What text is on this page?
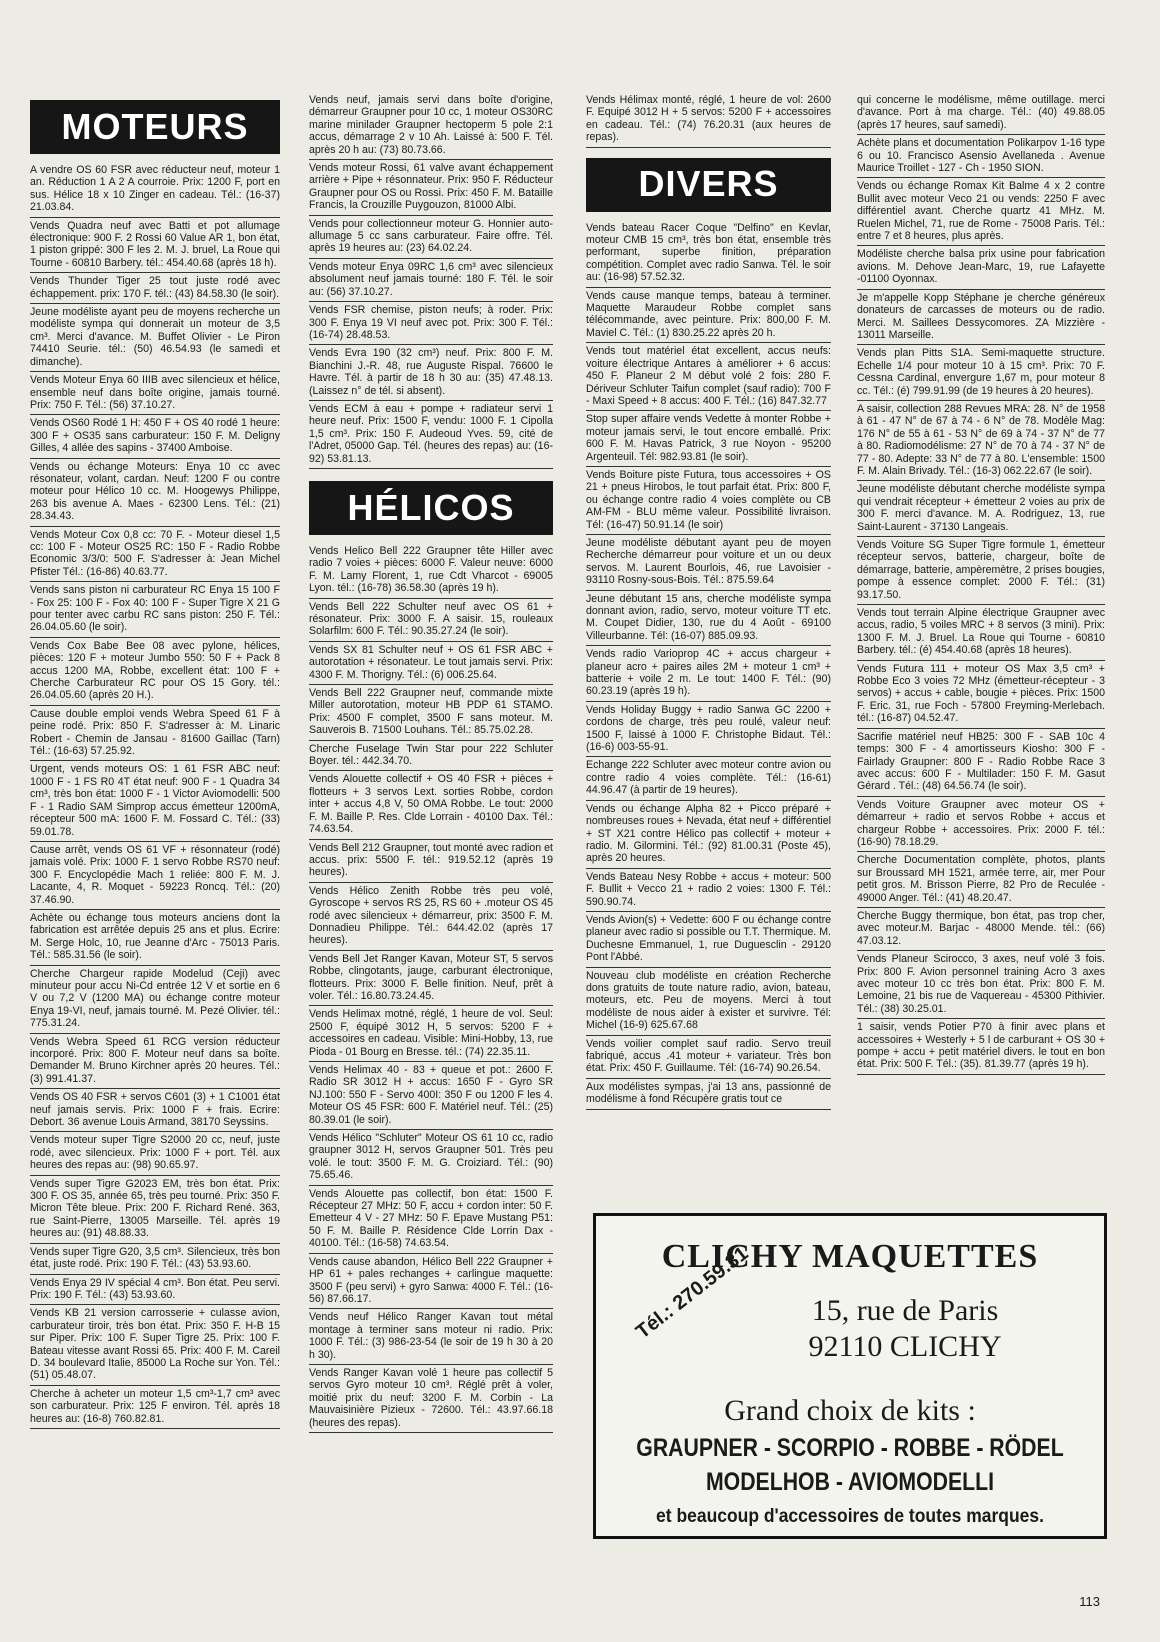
MOTEURS
A vendre OS 60 FSR avec réducteur neuf, moteur 1 an. Réduction 1 A 2 A courroie. Prix: 1200 F, port en sus. Hélice 18 x 10 Zinger en cadeau. Tél.: (16-37) 21.03.84.
Vends Quadra neuf avec Batti et pot allumage électronique: 900 F. 2 Rossi 60 Value AR 1, bon état, 1 piston grippé: 300 F les 2. M. J. bruel, La Roue qui Tourne - 60810 Barbery. tél.: 454.40.68 (après 18 h).
Vends Thunder Tiger 25 tout juste rodé avec échappement. prix: 170 F. tél.: (43) 84.58.30 (le soir).
Jeune modéliste ayant peu de moyens recherche un modéliste sympa qui donnerait un moteur de 3,5 cm³. Merci d'avance. M. Buffet Olivier - Le Piron 74410 Seurie. tél.: (50) 46.54.93 (le samedi et dimanche).
Vends Moteur Enya 60 IIIB avec silencieux et hélice, ensemble neuf dans boîte origine, jamais tourné. Prix: 750 F. Tél.: (56) 37.10.27.
Vends OS60 Rodé 1 H: 450 F + OS 40 rodé 1 heure: 300 F + OS35 sans carburateur: 150 F. M. Deligny Gilles, 4 allée des sapins - 37400 Amboise.
Vends ou échange Moteurs: Enya 10 cc avec résonateur, volant, cardan. Neuf: 1200 F ou contre moteur pour Hélico 10 cc. M. Hoogewys Philippe, 263 bis avenue A. Maes - 62300 Lens. Tél.: (21) 28.34.43.
Vends Moteur Cox 0,8 cc: 70 F. - Moteur diesel 1,5 cc: 100 F - Moteur OS25 RC: 150 F - Radio Robbe Economic 3/3/0: 500 F. S'adresser à: Jean Michel Pfister Tél.: (16-86) 40.63.77.
Vends sans piston ni carburateur RC Enya 15 100 F - Fox 25: 100 F - Fox 40: 100 F - Super Tigre X 21 G pour tenter avec carbu RC sans piston: 250 F. Tél.: 26.04.05.60 (le soir).
Vends Cox Babe Bee 08 avec pylone, hélices, pièces: 120 F + moteur Jumbo 550: 50 F + Pack 8 accus 1200 MA, Robbe, excellent état: 100 F + Cherche Carburateur RC pour OS 15 Gory. tél.: 26.04.05.60 (après 20 H.).
Cause double emploi vends Webra Speed 61 F à peine rodé. Prix: 850 F. S'adresser à: M. Linaric Robert - Chemin de Jansau - 81600 Gaillac (Tarn) Tél.: (16-63) 57.25.92.
Urgent, vends moteurs OS: 1 61 FSR ABC neuf: 1000 F - 1 FS R0 4T état neuf: 900 F - 1 Quadra 34 cm³, très bon état: 1000 F - 1 Victor Aviomodelli: 500 F - 1 Radio SAM Simprop accus émetteur 1200mA, récepteur 500 mA: 1600 F. M. Fossard C. Tél.: (33) 59.01.78.
Cause arrêt, vends OS 61 VF + résonnateur (rodé) jamais volé. Prix: 1000 F. 1 servo Robbe RS70 neuf: 300 F. Encyclopédie Mach 1 reliée: 800 F. M. J. Lacante, 4, R. Moquet - 59223 Roncq. Tél.: (20) 37.46.90.
Achète ou échange tous moteurs anciens dont la fabrication est arrêtée depuis 25 ans et plus. Ecrire: M. Serge Holc, 10, rue Jeanne d'Arc - 75013 Paris. Tél.: 585.31.56 (le soir).
Cherche Chargeur rapide Modelud (Ceji) avec minuteur pour accu Ni-Cd entrée 12 V et sortie en 6 V ou 7,2 V (1200 MA) ou échange contre moteur Enya 19-VI, neuf, jamais tourné. M. Pezé Olivier. tél.: 775.31.24.
Vends Webra Speed 61 RCG version réducteur incorporé. Prix: 800 F. Moteur neuf dans sa boîte. Demander M. Bruno Kirchner après 20 heures. Tél.: (3) 991.41.37.
Vends OS 40 FSR + servos C601 (3) + 1 C1001 état neuf jamais servis. Prix: 1000 F + frais. Ecrire: Debort. 36 avenue Louis Armand, 38170 Seyssins.
Vends moteur super Tigre S2000 20 cc, neuf, juste rodé, avec silencieux. Prix: 1000 F + port. Tél. aux heures des repas au: (98) 90.65.97.
Vends super Tigre G2023 EM, très bon état. Prix: 300 F. OS 35, année 65, très peu tourné. Prix: 350 F. Micron Tête bleue. Prix: 200 F. Richard René. 363, rue Saint-Pierre, 13005 Marseille. Tél. après 19 heures au: (91) 48.88.33.
Vends super Tigre G20, 3,5 cm³. Silencieux, très bon état, juste rodé. Prix: 190 F. Tél.: (43) 53.93.60.
Vends Enya 29 IV spécial 4 cm³. Bon état. Peu servi. Prix: 190 F. Tél.: (43) 53.93.60.
Vends KB 21 version carrosserie + culasse avion, carburateur tiroir, très bon état. Prix: 350 F. H-B 15 sur Piper. Prix: 100 F. Super Tigre 25. Prix: 100 F. Bateau vitesse avant Rossi 65. Prix: 400 F. M. Careil D. 34 boulevard Italie, 85000 La Roche sur Yon. Tél.: (51) 05.48.07.
Cherche à acheter un moteur 1,5 cm³-1,7 cm³ avec son carburateur. Prix: 125 F environ. Tél. après 18 heures au: (16-8) 760.82.81.
Vends neuf, jamais servi dans boîte d'origine, démarreur Graupner pour 10 cc, 1 moteur OS30RC marine minilader Graupner hectoperm 5 pole 2:1 accus, démarrage 2 v 10 Ah. Laissé à: 500 F. Tél. après 20 h au: (73) 80.73.66.
Vends moteur Rossi, 61 valve avant échappement arrière + Pipe + résonnateur. Prix: 950 F. Réducteur Graupner pour OS ou Rossi. Prix: 450 F. M. Bataille Francis, la Crouzille Puygouzon, 81000 Albi.
Vends pour collectionneur moteur G. Honnier auto-allumage 5 cc sans carburateur. Faire offre. Tél. après 19 heures au: (23) 64.02.24.
Vends moteur Enya 09RC 1,6 cm³ avec silencieux absolument neuf jamais tourné: 180 F. Tél. le soir au: (56) 37.10.27.
Vends FSR chemise, piston neufs; à roder. Prix: 300 F. Enya 19 VI neuf avec pot. Prix: 300 F. Tél.: (16-74) 28.48.53.
Vends Evra 190 (32 cm³) neuf. Prix: 800 F. M. Bianchini J.-R. 48, rue Auguste Rispal. 76600 le Havre. Tél. à partir de 18 h 30 au: (35) 47.48.13. (Laissez n° de tél. si absent).
Vends ECM à eau + pompe + radiateur servi 1 heure neuf. Prix: 1500 F, vendu: 1000 F. 1 Cipolla 1,5 cm³. Prix: 150 F. Audeoud Yves. 59, cité de l'Adret, 05000 Gap. Tél. (heures des repas) au: (16-92) 53.81.13.
HÉLICOS
Vends Helico Bell 222 Graupner tête Hiller avec radio 7 voies + pièces: 6000 F. Valeur neuve: 6000 F. M. Lamy Florent, 1, rue Cdt Vharcot - 69005 Lyon. tél.: (16-78) 36.58.30 (après 19 h).
Vends Bell 222 Schulter neuf avec OS 61 + résonateur. Prix: 3000 F. A saisir. 15, rouleaux Solarfilm: 600 F. Tél.: 90.35.27.24 (le soir).
Vends SX 81 Schulter neuf + OS 61 FSR ABC + autorotation + résonateur. Le tout jamais servi. Prix: 4300 F. M. Thorigny. Tél.: (6) 006.25.64.
Vends Bell 222 Graupner neuf, commande mixte Miller autorotation, moteur HB PDP 61 STAMO. Prix: 4500 F complet, 3500 F sans moteur. M. Sauverois B. 71500 Louhans. Tél.: 85.75.02.28.
Cherche Fuselage Twin Star pour 222 Schluter Boyer. tél.: 442.34.70.
Vends Alouette collectif + OS 40 FSR + pièces + flotteurs + 3 servos Lext. sorties Robbe, cordon inter + accus 4,8 V, 50 OMA Robbe. Le tout: 2000 F. M. Baille P. Res. Clde Lorrain - 40100 Dax. Tél.: 74.63.54.
Vends Bell 212 Graupner, tout monté avec radion et accus. prix: 5500 F. tél.: 919.52.12 (après 19 heures).
Vends Hélico Zenith Robbe très peu volé, Gyroscope + servos RS 25, RS 60 + .moteur OS 45 rodé avec silencieux + démarreur, prix: 3500 F. M. Donnadieu Philippe. Tél.: 644.42.02 (après 17 heures).
Vends Bell Jet Ranger Kavan, Moteur ST, 5 servos Robbe, clingotants, jauge, carburant électronique, flotteurs. Prix: 3000 F. Belle finition. Neuf, prêt à voler. Tél.: 16.80.73.24.45.
Vends Helimax motné, réglé, 1 heure de vol. Seul: 2500 F, équipé 3012 H, 5 servos: 5200 F + accessoires en cadeau. Visible: Mini-Hobby, 13, rue Pioda - 01 Bourg en Bresse. tél.: (74) 22.35.11.
Vends Helimax 40 - 83 + queue et pot.: 2600 F. Radio SR 3012 H + accus: 1650 F - Gyro SR NJ.100: 550 F - Servo 400I: 350 F ou 1200 F les 4. Moteur OS 45 FSR: 600 F. Matériel neuf. Tél.: (25) 80.39.01 (le soir).
Vends Hélico "Schluter" Moteur OS 61 10 cc, radio graupner 3012 H, servos Graupner 501. Très peu volé. le tout: 3500 F. M. G. Croiziard. Tél.: (90) 75.65.46.
Vends Alouette pas collectif, bon état: 1500 F. Récepteur 27 MHz: 50 F, accu + cordon inter: 50 F. Emetteur 4 V - 27 MHz: 50 F. Epave Mustang P51: 50 F. M. Baille P. Résidence Clde Lorrin Dax - 40100. Tél.: (16-58) 74.63.54.
Vends cause abandon, Hélico Bell 222 Graupner + HP 61 + pales rechanges + carlingue maquette: 3500 F (peu servi) + gyro Sanwa: 4000 F. Tél.: (16-56) 87.66.17.
Vends neuf Hélico Ranger Kavan tout métal montage à terminer sans moteur ni radio. Prix: 1000 F. Tél.: (3) 986-23-54 (le soir de 19 h 30 à 20 h 30).
Vends Ranger Kavan volé 1 heure pas collectif 5 servos Gyro moteur 10 cm³. Réglé prêt à voler, moitié prix du neuf: 3200 F. M. Corbin - La Mauvaisinière Pizieux - 72600. Tél.: 43.97.66.18 (heures des repas).
Vends Hélimax monté, réglé, 1 heure de vol: 2600 F. Equipé 3012 H + 5 servos: 5200 F + accessoires en cadeau. Tél.: (74) 76.20.31 (aux heures de repas).
DIVERS
Vends bateau Racer Coque "Delfino" en Kevlar, moteur CMB 15 cm³, très bon état, ensemble très performant, superbe finition, préparation compétition. Complet avec radio Sanwa. Tél. le soir au: (16-98) 57.52.32.
Vends cause manque temps, bateau à terminer. Maquette Maraudeur Robbe complet sans télécommande, avec peinture. Prix: 800,00 F. M. Maviel C. Tél.: (1) 830.25.22 après 20 h.
Vends tout matériel état excellent, accus neufs: voiture électrique Antares à améliorer + 6 accus: 450 F. Planeur 2 M début volé 2 fois: 280 F. Dériveur Schluter Taifun complet (sauf radio): 700 F - Maxi Speed + 8 accus: 400 F. Tél.: (16) 847.32.77
Stop super affaire vends Vedette à monter Robbe + moteur jamais servi, le tout encore emballé. Prix: 600 F. M. Havas Patrick, 3 rue Noyon - 95200 Argenteuil. Tél: 982.93.81 (le soir).
Vends Boiture piste Futura, tous accessoires + OS 21 + pneus Hirobos, le tout parfait état. Prix: 800 F, ou échange contre radio 4 voies complète ou CB AM-FM - BLU même valeur. Possibilité livraison. Tél: (16-47) 50.91.14 (le soir)
Jeune modéliste débutant ayant peu de moyen Recherche démarreur pour voiture et un ou deux servos. M. Laurent Bourlois, 46, rue Lavoisier - 93110 Rosny-sous-Bois. Tél.: 875.59.64
Jeune débutant 15 ans, cherche modéliste sympa donnant avion, radio, servo, moteur voiture TT etc. M. Coupet Didier, 130, rue du 4 Août - 69100 Villeurbanne. Tél: (16-07) 885.09.93.
Vends radio Varioprop 4C + accus chargeur + planeur acro + paires ailes 2M + moteur 1 cm³ + batterie + voile 2 m. Le tout: 1400 F. Tél.: (90) 60.23.19 (après 19 h).
Vends Holiday Buggy + radio Sanwa GC 2200 + cordons de charge, très peu roulé, valeur neuf: 1500 F, laissé à 1000 F. Christophe Bidaut. Tél.: (16-6) 003-55-91.
Echange 222 Schluter avec moteur contre avion ou contre radio 4 voies complète. Tél.: (16-61) 44.96.47 (à partir de 19 heures).
Vends ou échange Alpha 82 + Picco préparé + nombreuses roues + Nevada, état neuf + différentiel + ST X21 contre Hélico pas collectif + moteur + radio. M. Gilormini. Tél.: (92) 81.00.31 (Poste 45), après 20 heures.
Vends Bateau Nesy Robbe + accus + moteur: 500 F. Bullit + Vecco 21 + radio 2 voies: 1300 F. Tél.: 590.90.74.
Vends Avion(s) + Vedette: 600 F ou échange contre planeur avec radio si possible ou T.T. Thermique. M. Duchesne Emmanuel, 1, rue Duguesclin - 29120 Pont l'Abbé.
Nouveau club modéliste en création Recherche dons gratuits de toute nature radio, avion, bateau, moteurs, etc. Peu de moyens. Merci à tout modéliste de nous aider à exister et survivre. Tél: Michel (16-9) 625.67.68
Vends voilier complet sauf radio. Servo treuil fabriqué, accus .41 moteur + variateur. Très bon état. Prix: 450 F. Guillaume. Tél: (16-74) 90.26.54.
Aux modélistes sympas, j'ai 13 ans, passionné de modélisme à fond Récupère gratis tout ce
qui concerne le modélisme, même outillage. merci d'avance. Port à ma charge. Tél.: (40) 49.88.05 (après 17 heures, sauf samedi).
Achète plans et documentation Polikarpov 1-16 type 6 ou 10. Francisco Asensio Avellaneda . Avenue Maurice Troillet - 127 - Ch - 1950 SION.
Vends ou échange Romax Kit Balme 4 x 2 contre Bullit avec moteur Veco 21 ou vends: 2250 F avec différentiel avant. Cherche quartz 41 MHz. M. Ruelen Michel, 71, rue de Rome - 75008 Paris. Tél.: entre 7 et 8 heures, plus après.
Modéliste cherche balsa prix usine pour fabrication avions. M. Dehove Jean-Marc, 19, rue Lafayette -01100 Oyonnax.
Je m'appelle Kopp Stéphane je cherche généreux donateurs de carcasses de moteurs ou de radio. Merci. M. Saillees Dessycomores. ZA Mizzière - 13011 Marseille.
Vends plan Pitts S1A. Semi-maquette structure. Echelle 1/4 pour moteur 10 à 15 cm³. Prix: 70 F. Cessna Cardinal, envergure 1,67 m, pour moteur 8 cc. Tél.: (é) 799.91.99 (de 19 heures à 20 heures).
A saisir, collection 288 Revues MRA: 28. N° de 1958 à 61 - 47 N° de 67 à 74 - 6 N° de 78. Modèle Mag: 176 N° de 55 à 61 - 53 N° de 69 à 74 - 37 N° de 77 à 80. Radiomodélisme: 27 N° de 70 à 74 - 37 N° de 77 - 80. Adepte: 33 N° de 77 à 80. L'ensemble: 1500 F. M. Alain Brivady. Tél.: (16-3) 062.22.67 (le soir).
Jeune modéliste débutant cherche modéliste sympa qui vendrait récepteur + émetteur 2 voies au prix de 300 F. merci d'avance. M. A. Rodriguez, 13, rue Saint-Laurent - 37130 Langeais.
Vends Voiture SG Super Tigre formule 1, émetteur récepteur servos, batterie, chargeur, boîte de démarrage, batterie, ampèremètre, 2 prises bougies, pompe à essence complet: 2000 F. Tél.: (31) 93.17.50.
Vends tout terrain Alpine électrique Graupner avec accus, radio, 5 voiles MRC + 8 servos (3 mini). Prix: 1300 F. M. J. Bruel. La Roue qui Tourne - 60810 Barbery. tél.: (é) 454.40.68 (après 18 heures).
Vends Futura 111 + moteur OS Max 3,5 cm³ + Robbe Eco 3 voies 72 MHz (émetteur-récepteur - 3 servos) + accus + cable, bougie + pièces. Prix: 1500 F. Eric. 31, rue Foch - 57800 Freyming-Merlebach. tél.: (16-87) 04.52.47.
Sacrifie matériel neuf HB25: 300 F - SAB 10c 4 temps: 300 F - 4 amortisseurs Kiosho: 300 F - Fairlady Graupner: 800 F - Radio Robbe Race 3 avec accus: 600 F - Multilader: 150 F. M. Gasut Gérard . Tél.: (48) 64.56.74 (le soir).
Vends Voiture Graupner avec moteur OS + démarreur + radio et servos Robbe + accus et chargeur Robbe + accessoires. Prix: 2000 F. tél.: (16-90) 78.18.29.
Cherche Documentation complète, photos, plants sur Broussard MH 1521, armée terre, air, mer Pour petit gros. M. Brisson Pierre, 82 Pro de Reculée - 49000 Anger. Tél.: (41) 48.20.47.
Cherche Buggy thermique, bon état, pas trop cher, avec moteur.M. Barjac - 48000 Mende. tél.: (66) 47.03.12.
Vends Planeur Scirocco, 3 axes, neuf volé 3 fois. Prix: 800 F. Avion personnel training Acro 3 axes avec moteur 10 cc très bon état. Prix: 800 F. M. Lemoine, 21 bis rue de Vaquereau - 45300 Pithivier. Tél.: (38) 30.25.01.
1 saisir, vends Potier P70 à finir avec plans et accessoires + Westerly + 5 l de carburant + OS 30 + pompe + accu + petit matériel divers. le tout en bon état. Prix: 500 F. Tél.: (35). 81.39.77 (après 19 h).
CLICHY MAQUETTES
Tél.: 270.59.31	15, rue de Paris
92110 CLICHY
Grand choix de kits :
GRAUPNER - SCORPIO - ROBBE - RÖDEL
MODELHOB - AVIOMODELLI
et beaucoup d'accessoires de toutes marques.
113
